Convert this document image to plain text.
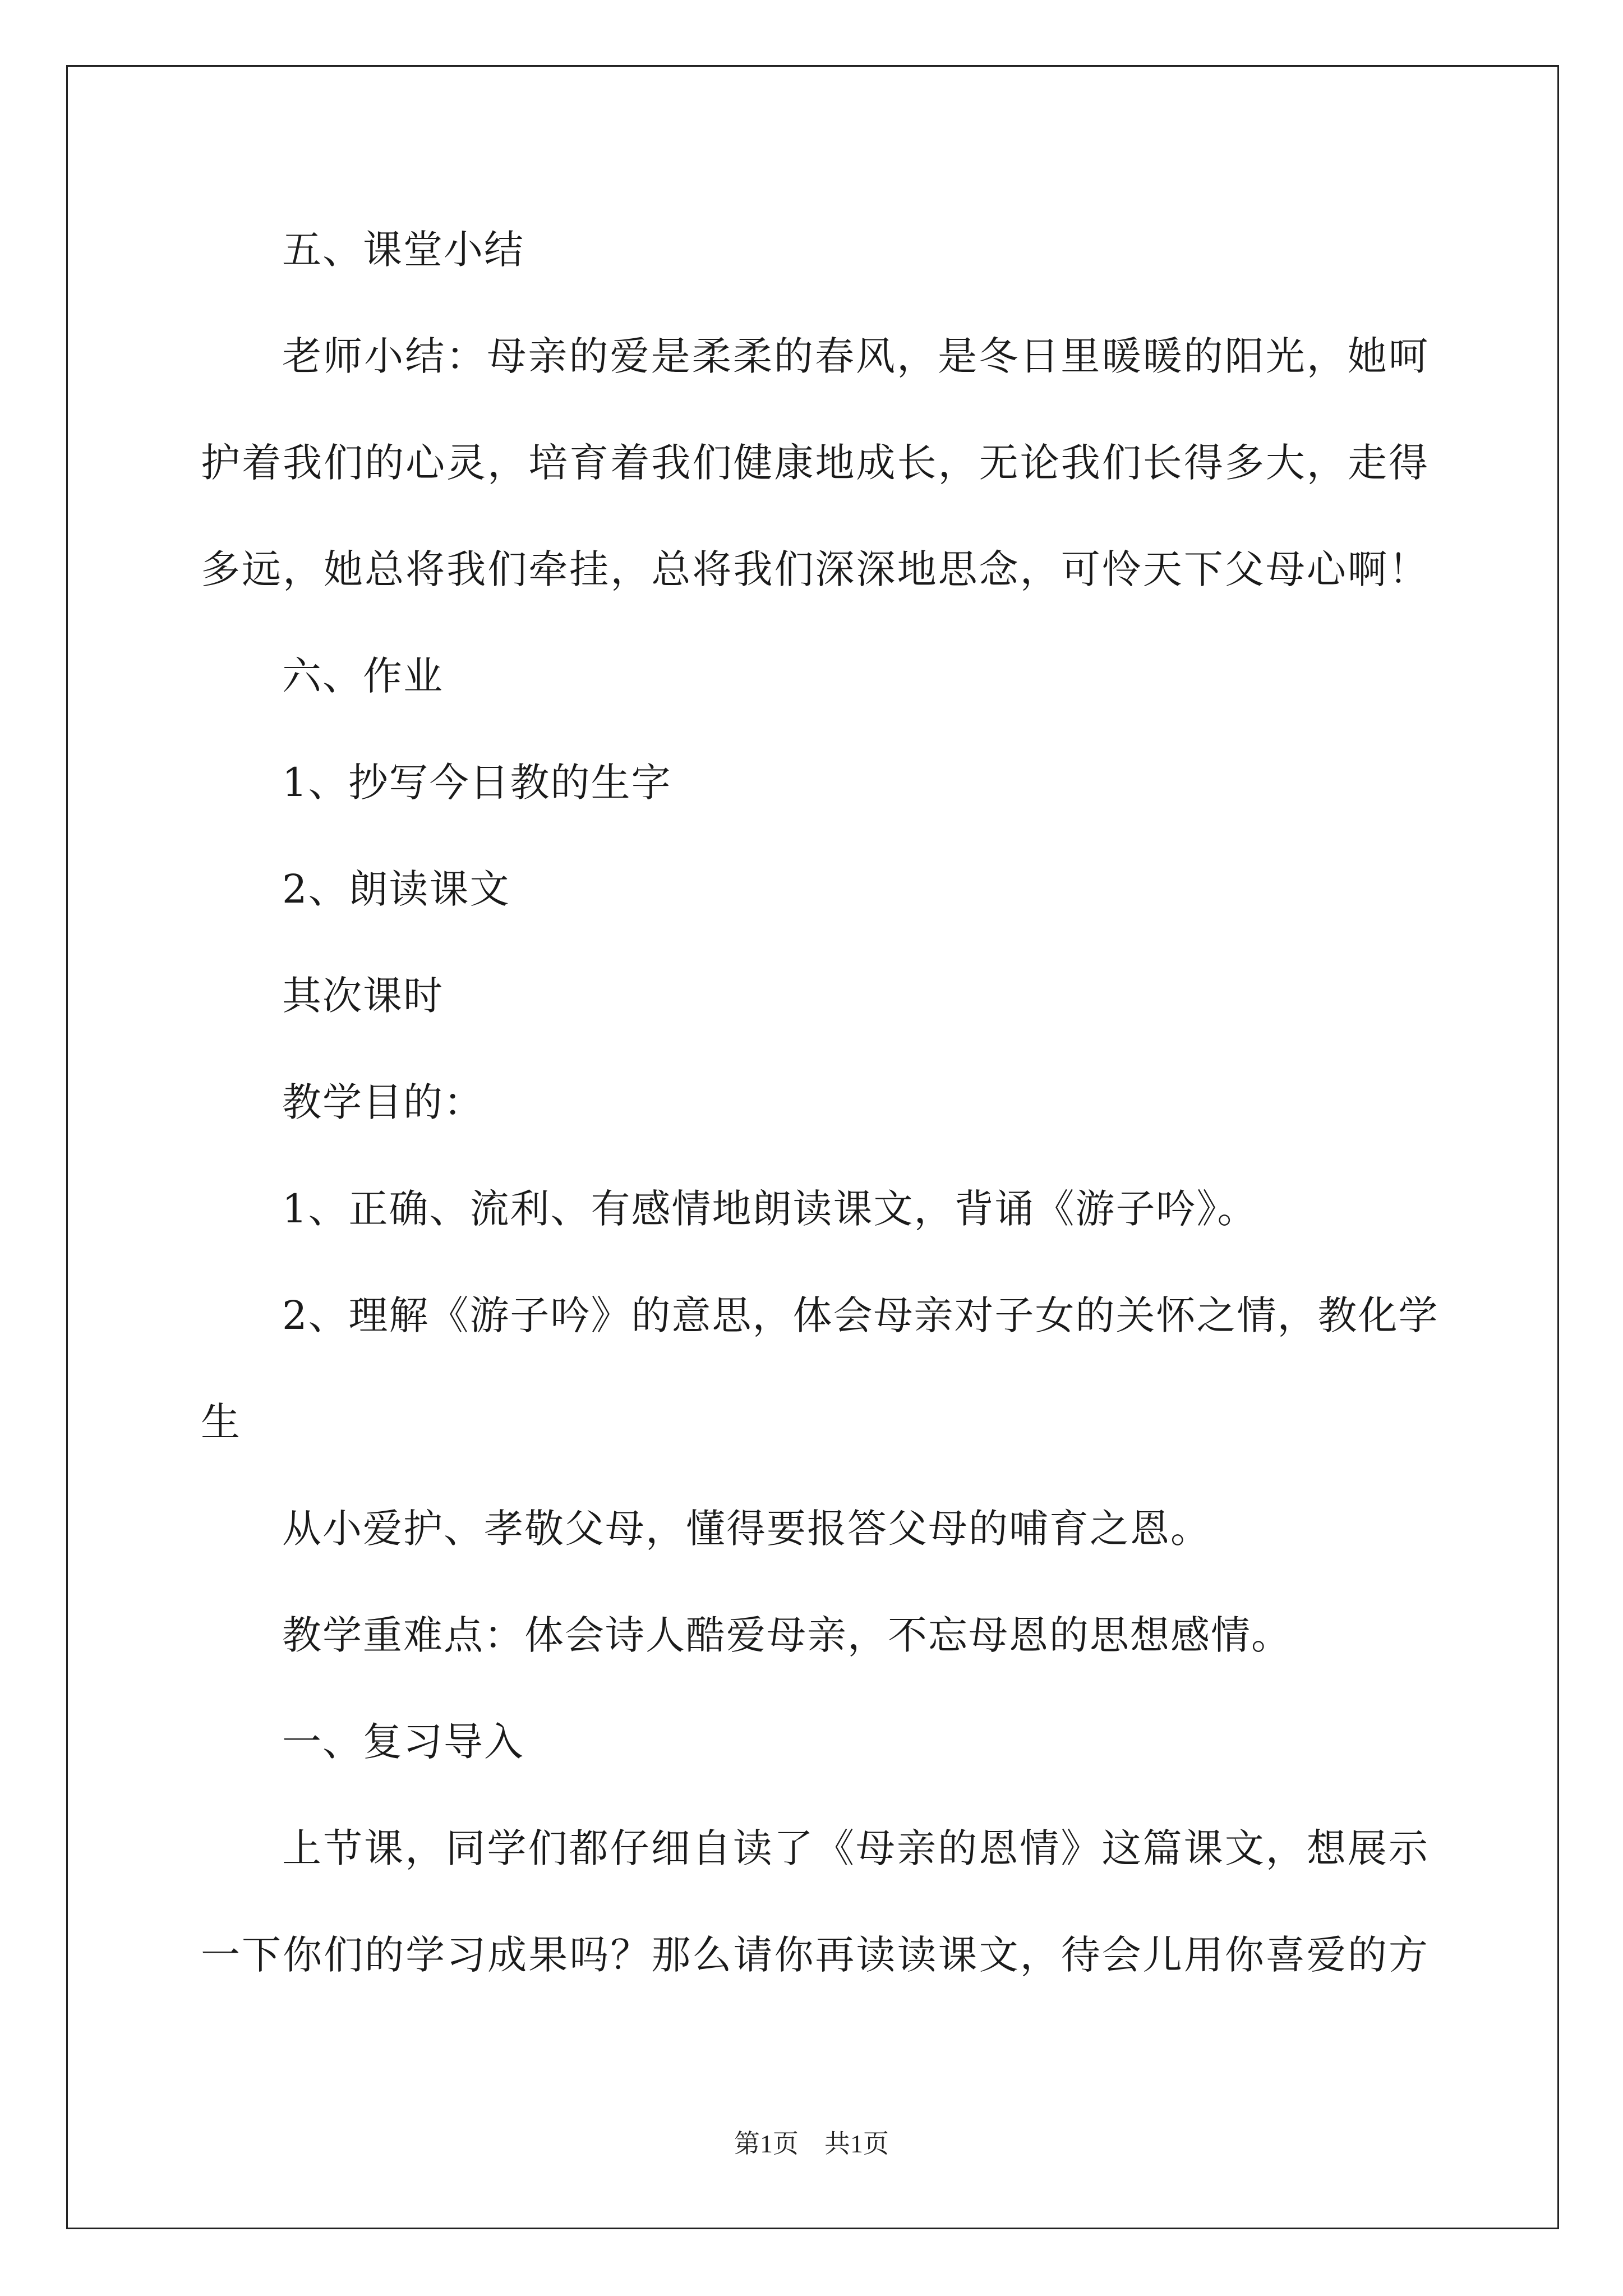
五、课堂小结
老师小结：母亲的爱是柔柔的春风，是冬日里暖暖的阳光，她呵
护着我们的心灵，培育着我们健康地成长，无论我们长得多大，走得
多远，她总将我们牵挂，总将我们深深地思念，可怜天下父母心啊！
六、作业
1、抄写今日教的生字
2、朗读课文
其次课时
教学目的：
1、正确、流利、有感情地朗读课文，背诵《游子吟》。
2、理解《游子吟》的意思，体会母亲对子女的关怀之情，教化学
生
从小爱护、孝敬父母，懂得要报答父母的哺育之恩。
教学重难点：体会诗人酷爱母亲，不忘母恩的思想感情。
一、复习导入
上节课，同学们都仔细自读了《母亲的恩情》这篇课文，想展示
一下你们的学习成果吗？那么请你再读读课文，待会儿用你喜爱的方
第1页　共1页
